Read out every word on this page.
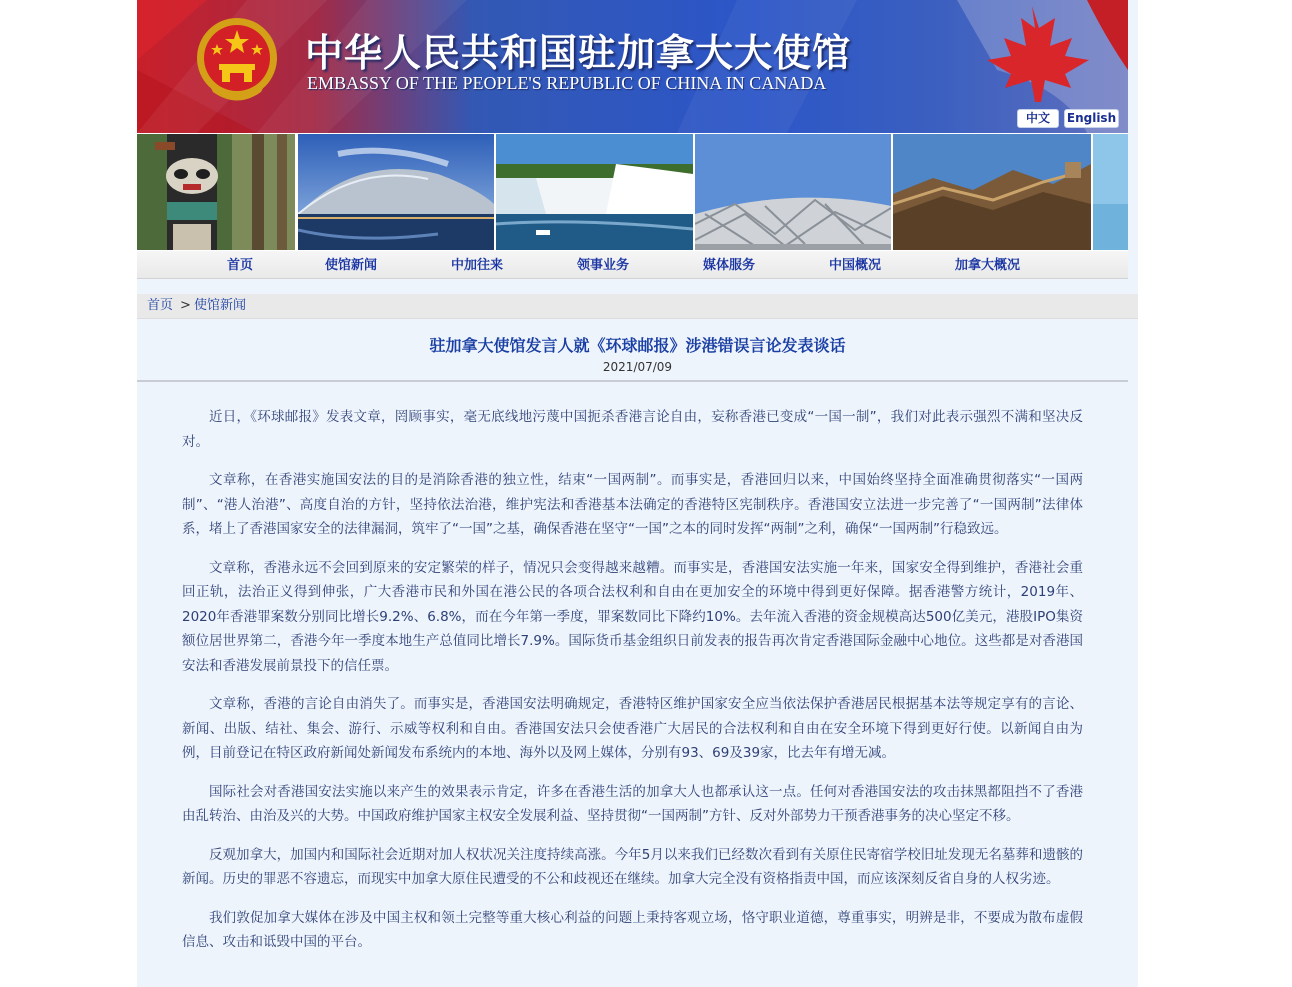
中华人民共和国驻加拿大大使馆
EMBASSY OF THE PEOPLE'S REPUBLIC OF CHINA IN CANADA
中文	English
首页	使馆新闻	中加往来	领事业务	媒体服务	中国概况	加拿大概况
首页 > 使馆新闻
驻加拿大使馆发言人就《环球邮报》涉港错误言论发表谈话
2021/07/09

近日，《环球邮报》发表文章，罔顾事实，毫无底线地污蔑中国扼杀香港言论自由，妄称香港已变成“一国一制”，我们对此表示强烈不满和坚决反对。

文章称，在香港实施国安法的目的是消除香港的独立性，结束“一国两制”。而事实是，香港回归以来，中国始终坚持全面准确贯彻落实“一国两制”、“港人治港”、高度自治的方针，坚持依法治港，维护宪法和香港基本法确定的香港特区宪制秩序。香港国安立法进一步完善了“一国两制”法律体系，堵上了香港国家安全的法律漏洞，筑牢了“一国”之基，确保香港在坚守“一国”之本的同时发挥“两制”之利，确保“一国两制”行稳致远。

文章称，香港永远不会回到原来的安定繁荣的样子，情况只会变得越来越糟。而事实是，香港国安法实施一年来，国家安全得到维护，香港社会重回正轨，法治正义得到伸张，广大香港市民和外国在港公民的各项合法权利和自由在更加安全的环境中得到更好保障。据香港警方统计，2019年、2020年香港罪案数分别同比增长9.2%、6.8%，而在今年第一季度，罪案数同比下降约10%。去年流入香港的资金规模高达500亿美元，港股IPO集资额位居世界第二，香港今年一季度本地生产总值同比增长7.9%。国际货币基金组织日前发表的报告再次肯定香港国际金融中心地位。这些都是对香港国安法和香港发展前景投下的信任票。

文章称，香港的言论自由消失了。而事实是，香港国安法明确规定，香港特区维护国家安全应当依法保护香港居民根据基本法等规定享有的言论、新闻、出版、结社、集会、游行、示威等权利和自由。香港国安法只会使香港广大居民的合法权利和自由在安全环境下得到更好行使。以新闻自由为例，目前登记在特区政府新闻处新闻发布系统内的本地、海外以及网上媒体，分别有93、69及39家，比去年有增无减。

国际社会对香港国安法实施以来产生的效果表示肯定，许多在香港生活的加拿大人也都承认这一点。任何对香港国安法的攻击抹黑都阻挡不了香港由乱转治、由治及兴的大势。中国政府维护国家主权安全发展利益、坚持贯彻“一国两制”方针、反对外部势力干预香港事务的决心坚定不移。

反观加拿大，加国内和国际社会近期对加人权状况关注度持续高涨。今年5月以来我们已经数次看到有关原住民寄宿学校旧址发现无名墓葬和遗骸的新闻。历史的罪恶不容遗忘，而现实中加拿大原住民遭受的不公和歧视还在继续。加拿大完全没有资格指责中国，而应该深刻反省自身的人权劣迹。

我们敦促加拿大媒体在涉及中国主权和领土完整等重大核心利益的问题上秉持客观立场，恪守职业道德，尊重事实，明辨是非，不要成为散布虚假信息、攻击和诋毁中国的平台。
